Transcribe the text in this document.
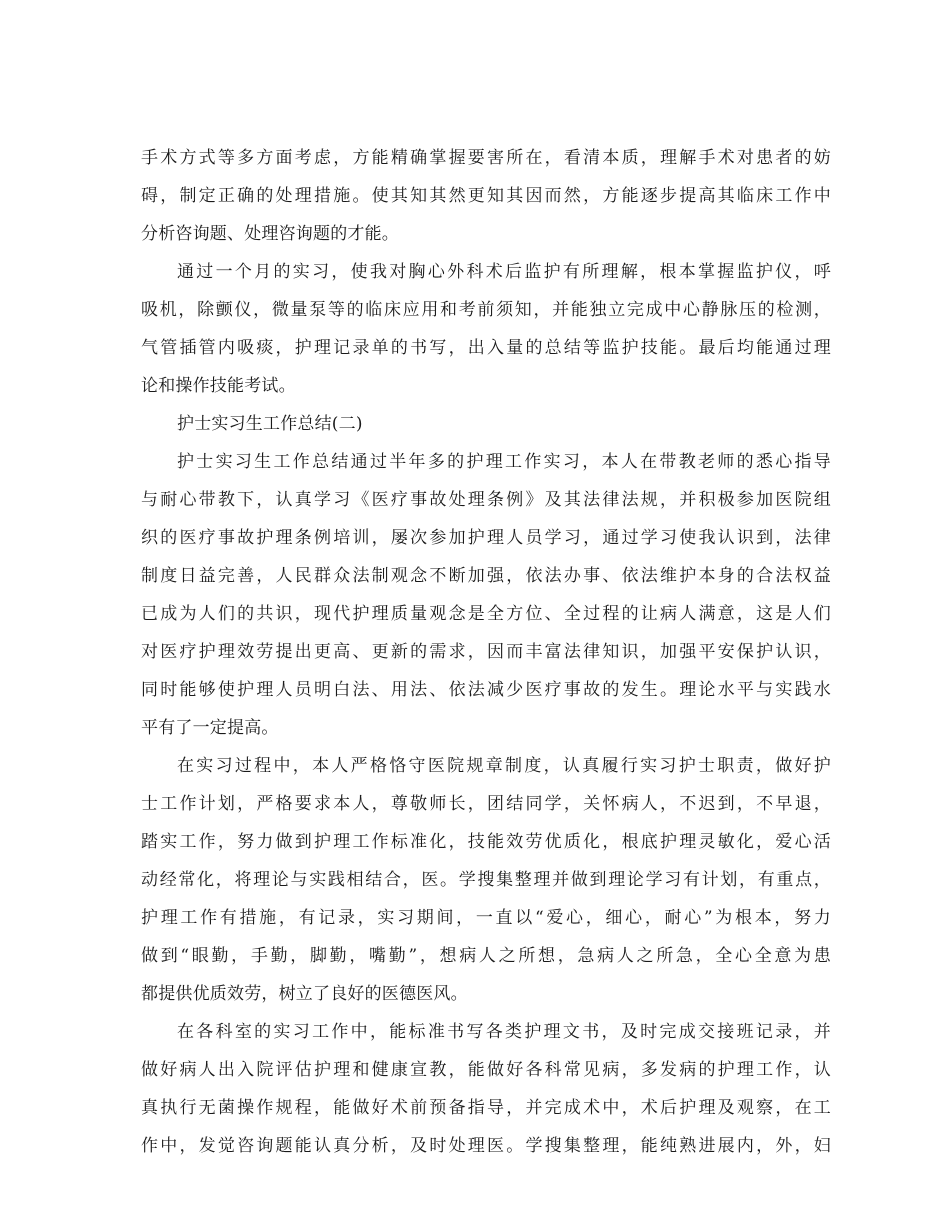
手术方式等多方面考虑，方能精确掌握要害所在，看清本质，理解手术对患者的妨
碍，制定正确的处理措施。使其知其然更知其因而然，方能逐步提高其临床工作中
分析咨询题、处理咨询题的才能。
通过一个月的实习，使我对胸心外科术后监护有所理解，根本掌握监护仪，呼
吸机，除颤仪，微量泵等的临床应用和考前须知，并能独立完成中心静脉压的检测，
气管插管内吸痰，护理记录单的书写，出入量的总结等监护技能。最后均能通过理
论和操作技能考试。
护士实习生工作总结(二)
护士实习生工作总结通过半年多的护理工作实习，本人在带教老师的悉心指导
与耐心带教下，认真学习《医疗事故处理条例》及其法律法规，并积极参加医院组
织的医疗事故护理条例培训，屡次参加护理人员学习，通过学习使我认识到，法律
制度日益完善，人民群众法制观念不断加强，依法办事、依法维护本身的合法权益
已成为人们的共识，现代护理质量观念是全方位、全过程的让病人满意，这是人们
对医疗护理效劳提出更高、更新的需求，因而丰富法律知识，加强平安保护认识，
同时能够使护理人员明白法、用法、依法减少医疗事故的发生。理论水平与实践水
平有了一定提高。
在实习过程中，本人严格恪守医院规章制度，认真履行实习护士职责，做好护
士工作计划，严格要求本人，尊敬师长，团结同学，关怀病人，不迟到，不早退，
踏实工作，努力做到护理工作标准化，技能效劳优质化，根底护理灵敏化，爱心活
动经常化，将理论与实践相结合，医。学搜集整理并做到理论学习有计划，有重点，
护理工作有措施，有记录，实习期间，一直以“爱心，细心，耐心”为根本，努力
做到“眼勤，手勤，脚勤，嘴勤”，想病人之所想，急病人之所急，全心全意为患
都提供优质效劳，树立了良好的医德医风。
在各科室的实习工作中，能标准书写各类护理文书，及时完成交接班记录，并
做好病人出入院评估护理和健康宣教，能做好各科常见病，多发病的护理工作，认
真执行无菌操作规程，能做好术前预备指导，并完成术中，术后护理及观察，在工
作中，发觉咨询题能认真分析，及时处理医。学搜集整理，能纯熟进展内，外，妇
